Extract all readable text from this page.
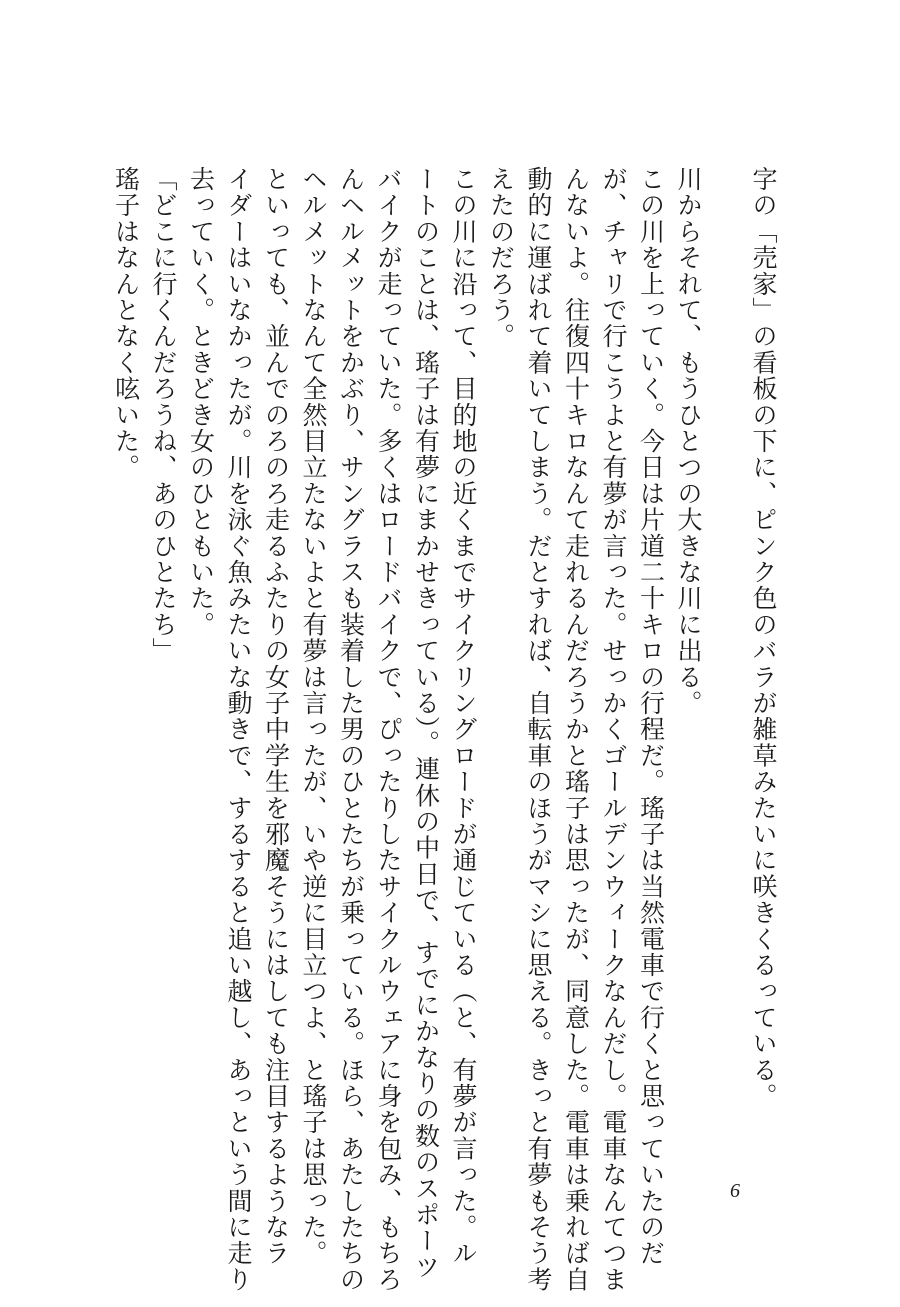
字の「売家」の看板の下に、ピンク色のバラが雑草みたいに咲きくるっている。
川からそれて、もうひとつの大きな川に出る。
この川を上っていく。今日は片道二十キロの行程だ。瑤子は当然電車で行くと思っていたのだ
が、チャリで行こうよと有夢が言った。せっかくゴールデンウィークなんだし。電車なんてつま
んないよ。往復四十キロなんて走れるんだろうかと瑤子は思ったが、同意した。電車は乗れば自
動的に運ばれて着いてしまう。だとすれば、自転車のほうがマシに思える。きっと有夢もそう考
えたのだろう。
この川に沿って、目的地の近くまでサイクリングロードが通じている（と、有夢が言った。ル
ートのことは、瑤子は有夢にまかせきっている）。連休の中日で、すでにかなりの数のスポーツ
バイクが走っていた。多くはロードバイクで、ぴったりしたサイクルウェアに身を包み、もちろ
んヘルメットをかぶり、サングラスも装着した男のひとたちが乗っている。ほら、あたしたちの
ヘルメットなんて全然目立たないよと有夢は言ったが、いや逆に目立つよ、と瑤子は思った。
といっても、並んでのろのろ走るふたりの女子中学生を邪魔そうにはしても注目するようなラ
イダーはいなかったが。川を泳ぐ魚みたいな動きで、するすると追い越し、あっという間に走り
去っていく。ときどき女のひともいた。
「どこに行くんだろうね、あのひとたち」
瑤子はなんとなく呟いた。
6
